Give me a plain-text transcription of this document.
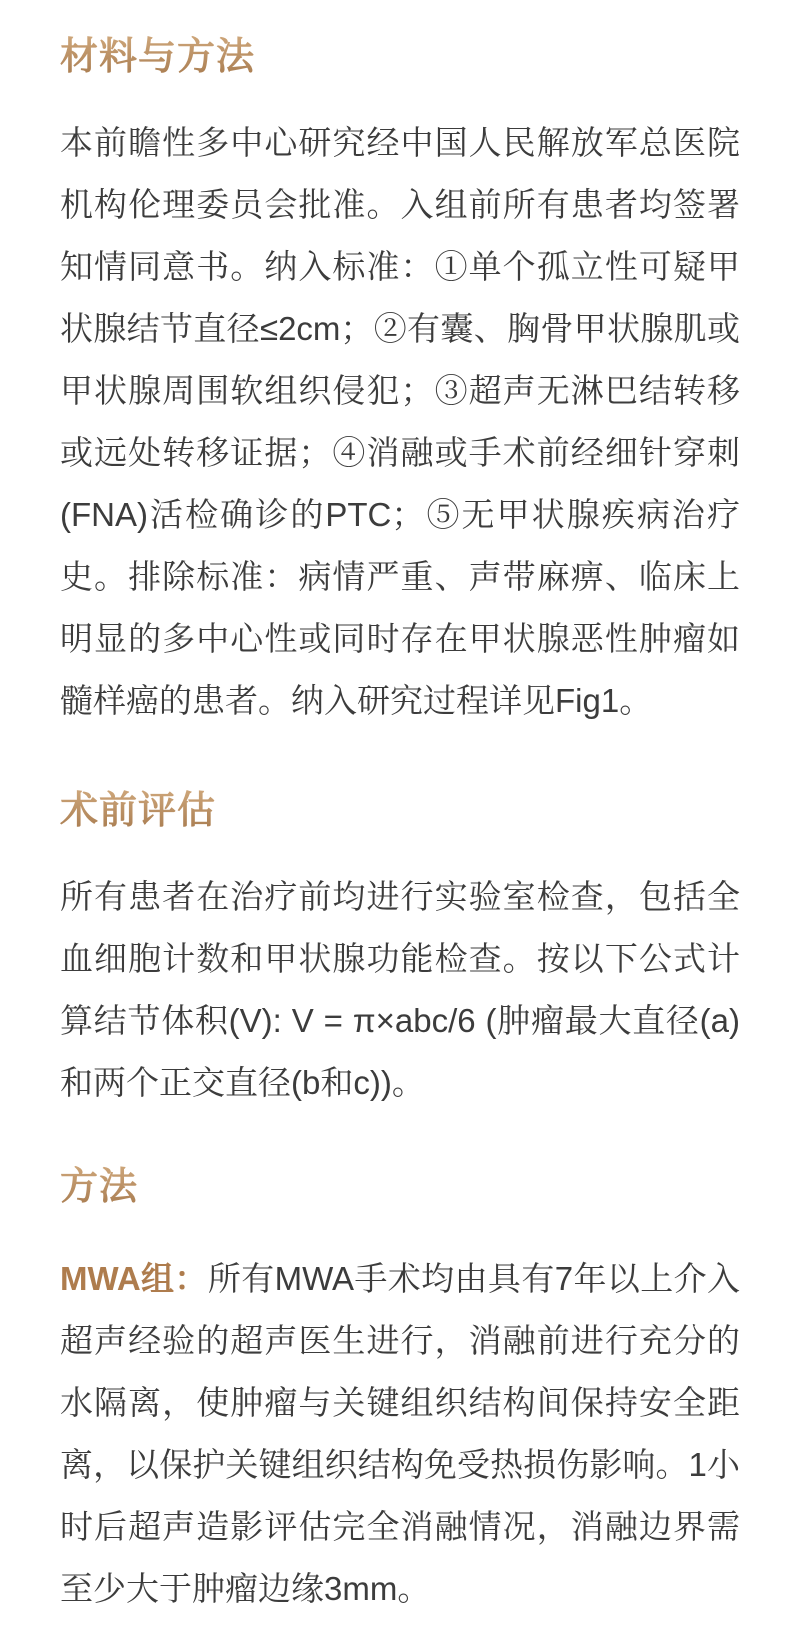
材料与方法

本前瞻性多中心研究经中国人民解放军总医院机构伦理委员会批准。入组前所有患者均签署知情同意书。纳入标准：①单个孤立性可疑甲状腺结节直径≤2cm；②有囊、胸骨甲状腺肌或甲状腺周围软组织侵犯；③超声无淋巴结转移或远处转移证据；④消融或手术前经细针穿刺(FNA)活检确诊的PTC；⑤无甲状腺疾病治疗史。排除标准：病情严重、声带麻痹、临床上明显的多中心性或同时存在甲状腺恶性肿瘤如髓样癌的患者。纳入研究过程详见Fig1。

术前评估

所有患者在治疗前均进行实验室检查，包括全血细胞计数和甲状腺功能检查。按以下公式计算结节体积(V): V = π×abc/6 (肿瘤最大直径(a)和两个正交直径(b和c))。

方法

MWA组：所有MWA手术均由具有7年以上介入超声经验的超声医生进行，消融前进行充分的水隔离，使肿瘤与关键组织结构间保持安全距离，以保护关键组织结构免受热损伤影响。1小时后超声造影评估完全消融情况，消融边界需至少大于肿瘤边缘3mm。
